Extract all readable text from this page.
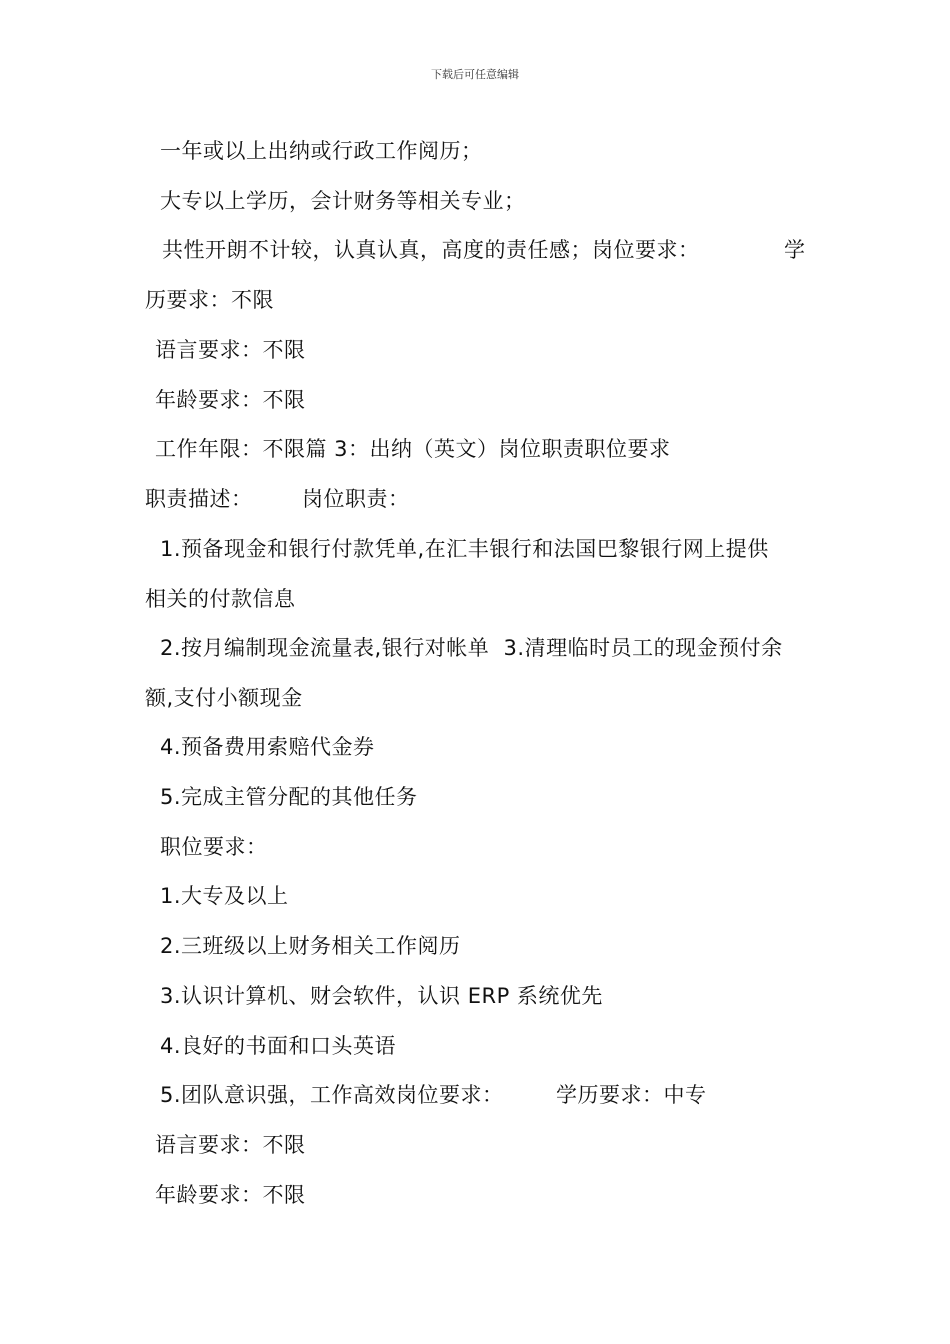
下载后可任意编辑
一年或以上出纳或行政工作阅历；
大专以上学历，会计财务等相关专业；
共性开朗不计较，认真认真，高度的责任感；岗位要求：	学
历要求：不限
语言要求：不限
年龄要求：不限
工作年限：不限篇 3：出纳（英文）岗位职责职位要求
职责描述： 岗位职责：
1.预备现金和银行付款凭单,在汇丰银行和法国巴黎银行网上提供
相关的付款信息
2.按月编制现金流量表,银行对帐单  3.清理临时员工的现金预付余
额,支付小额现金
4.预备费用索赔代金券
5.完成主管分配的其他任务
职位要求：
1.大专及以上
2.三班级以上财务相关工作阅历
3.认识计算机、财会软件，认识 ERP 系统优先
4.良好的书面和口头英语
5.团队意识强，工作高效岗位要求： 学历要求：中专
语言要求：不限
年龄要求：不限
